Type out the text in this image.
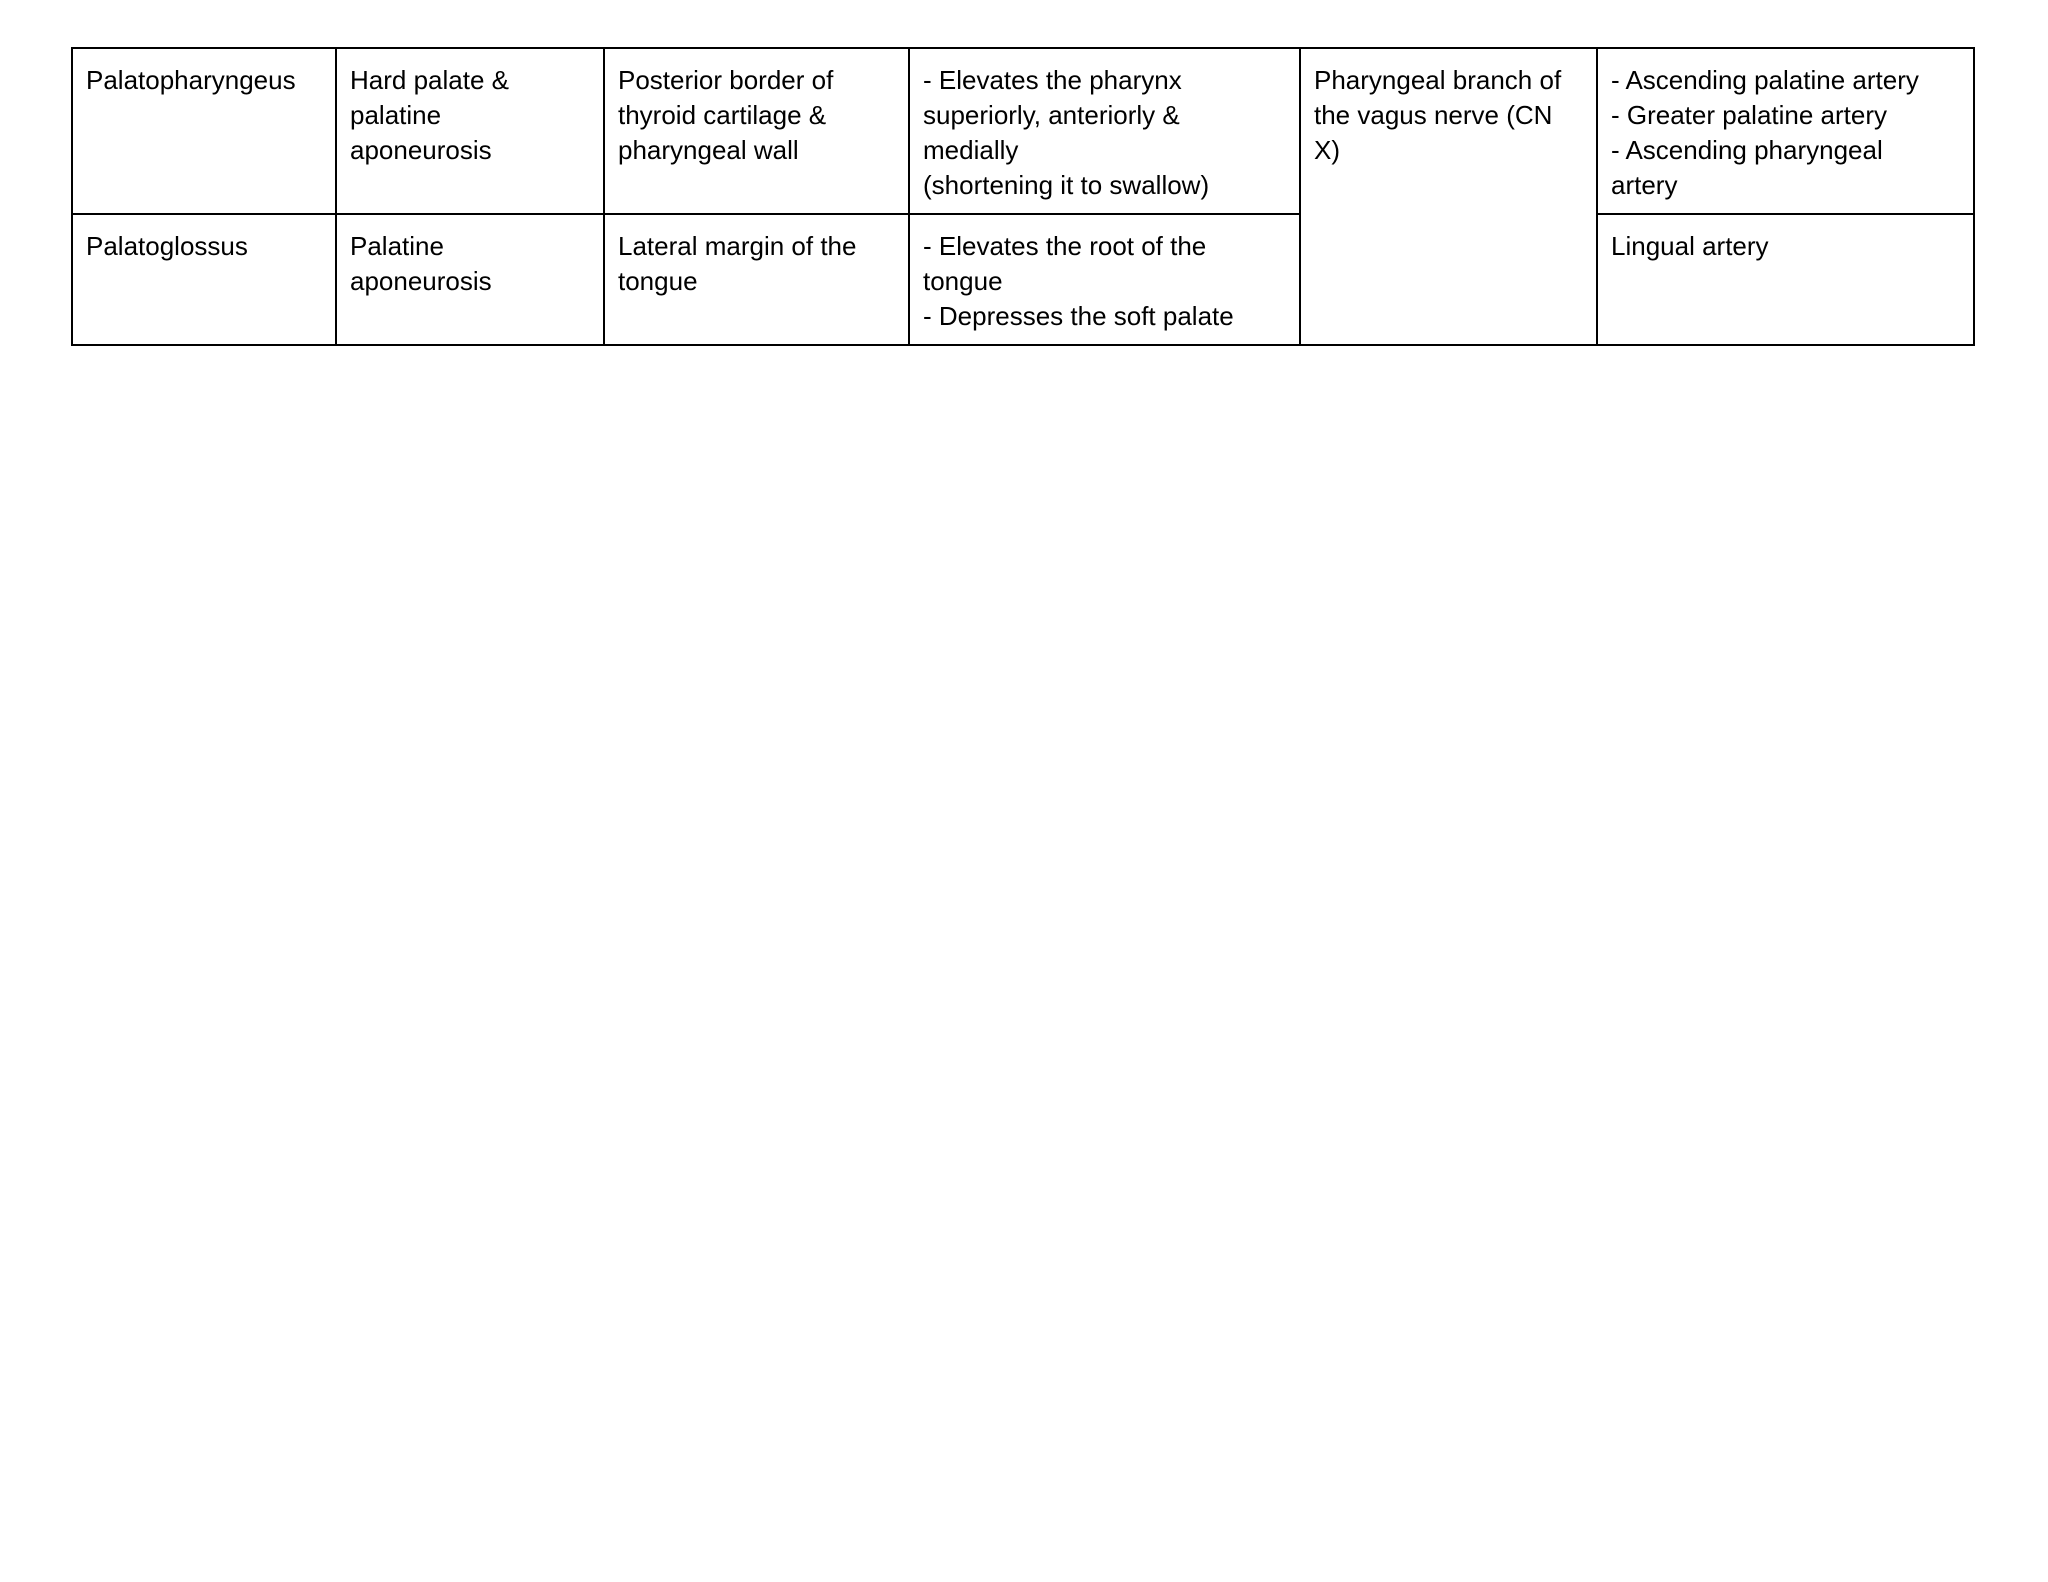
Palatopharyngeus	Hard palate &
palatine
aponeurosis	Posterior border of
thyroid cartilage &
pharyngeal wall	- Elevates the pharynx
superiorly, anteriorly &
medially
(shortening it to swallow)	Pharyngeal branch of
the vagus nerve (CN
X)	- Ascending palatine artery
- Greater palatine artery
- Ascending pharyngeal
artery
Palatoglossus	Palatine
aponeurosis	Lateral margin of the
tongue	- Elevates the root of the
tongue
- Depresses the soft palate		Lingual artery
